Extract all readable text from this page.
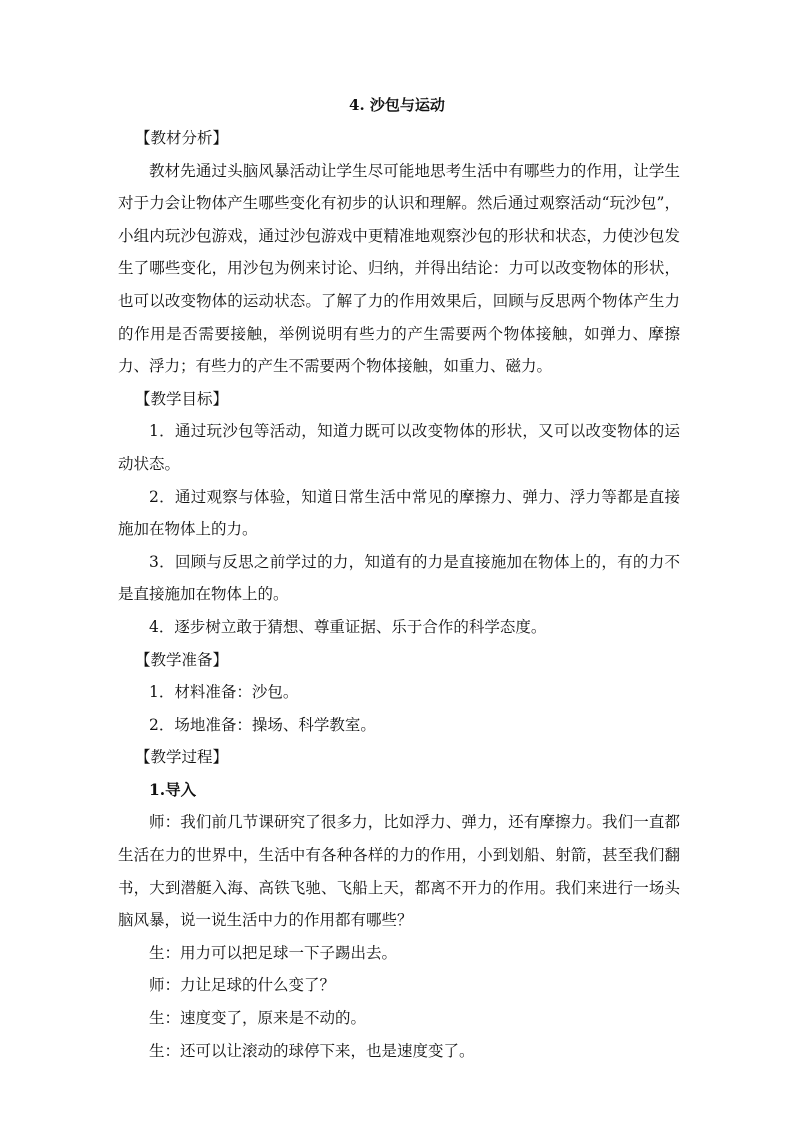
4. 沙包与运动

【教材分析】

教材先通过头脑风暴活动让学生尽可能地思考生活中有哪些力的作用，让学生对于力会让物体产生哪些变化有初步的认识和理解。然后通过观察活动“玩沙包”，小组内玩沙包游戏，通过沙包游戏中更精准地观察沙包的形状和状态，力使沙包发生了哪些变化，用沙包为例来讨论、归纳，并得出结论：力可以改变物体的形状，也可以改变物体的运动状态。了解了力的作用效果后，回顾与反思两个物体产生力的作用是否需要接触，举例说明有些力的产生需要两个物体接触，如弹力、摩擦力、浮力；有些力的产生不需要两个物体接触，如重力、磁力。

【教学目标】

1．通过玩沙包等活动，知道力既可以改变物体的形状，又可以改变物体的运动状态。

2．通过观察与体验，知道日常生活中常见的摩擦力、弹力、浮力等都是直接施加在物体上的力。

3．回顾与反思之前学过的力，知道有的力是直接施加在物体上的，有的力不是直接施加在物体上的。

4．逐步树立敢于猜想、尊重证据、乐于合作的科学态度。

【教学准备】

1．材料准备：沙包。

2．场地准备：操场、科学教室。

【教学过程】

1.导入

师：我们前几节课研究了很多力，比如浮力、弹力，还有摩擦力。我们一直都生活在力的世界中，生活中有各种各样的力的作用，小到划船、射箭，甚至我们翻书，大到潜艇入海、高铁飞驰、飞船上天，都离不开力的作用。我们来进行一场头脑风暴，说一说生活中力的作用都有哪些？

生：用力可以把足球一下子踢出去。

师：力让足球的什么变了？

生：速度变了，原来是不动的。

生：还可以让滚动的球停下来，也是速度变了。
